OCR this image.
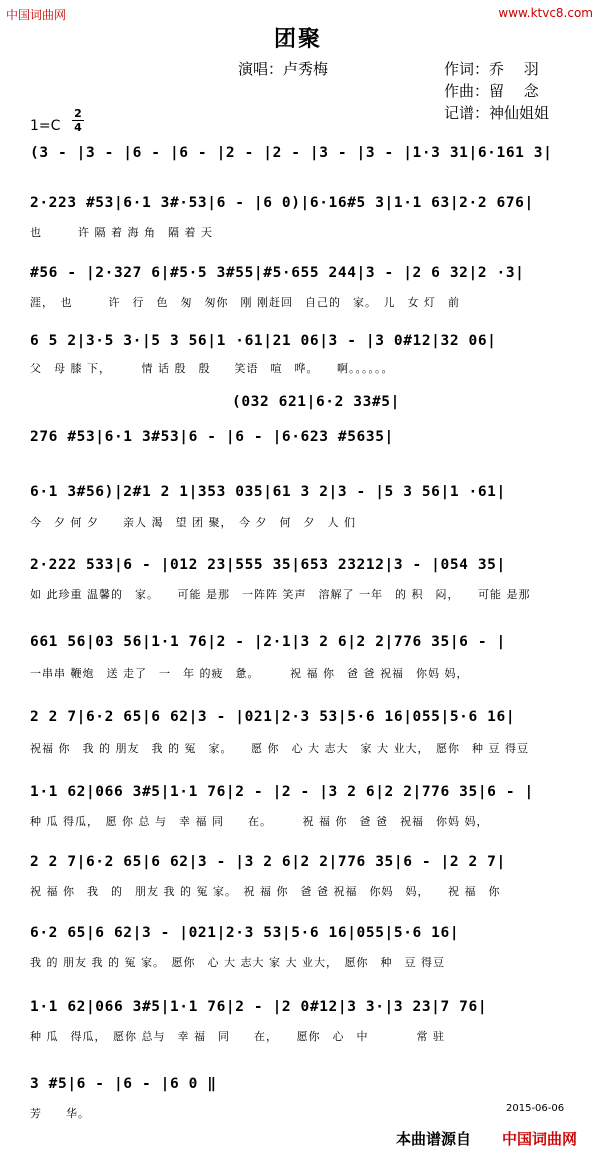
中国词曲网	www.ktvc8.com
团聚
演唱：卢秀梅	作词：乔　 羽
作曲：留　 念
记谱：神仙姐姐
1=C
2
4
(3 - |3 - |6 - |6 - |2 - |2 - |3 - |3 - |1·3 31|6·161 3|
2·223 #53|6·1 3#·53|6 - |6 0)|6·16#5 3|1·1 63|2·2 676|
也　　　许 隔 着 海 角　隔 着 天
#56 - |2·327 6|#5·5 3#55|#5·655 244|3 - |2 6 32|2 ·3|
涯，　也　　　许　行　色　匆　匆你　刚 刚赶回　自己的　家。　儿　女 灯　前
6 5 2|3·5 3·|5 3 56|1 ·61|21 06|3 - |3 0#12|32 06|
父　母 膝 下，　　　情 话 殷　殷　　笑语　喧　哗。　　啊。。。。。。
(032 621|6·2 33#5|
276 #53|6·1 3#53|6 - |6 - |6·623 #5635|
6·1 3#56)|2#1 2 1|353 035|61 3 2|3 - |5 3 56|1 ·61|
今　夕 何 夕　　亲人 渴　望 团 聚，　今 夕　何　夕　人 们
2·222 533|6 - |012 23|555 35|653 23212|3 - |054 35|
如 此珍重 温馨的　家。　　可能 是那　一阵阵 笑声　溶解了 一年　的 积　闷，　　可能 是那
661 56|03 56|1·1 76|2 - |2·1|3 2 6|2 2|776 35|6 - |
一串串 鞭炮　送 走了　一　年 的疲　惫。　　　祝 福 你　爸 爸 祝福　你妈 妈，
2 2 7|6·2 65|6 62|3 - |021|2·3 53|5·6 16|055|5·6 16|
祝福 你　我 的 朋友　我 的 冤　家。　　愿 你　心 大 志大　家 大 业大，　愿你　种 豆 得豆
1·1 62|066 3#5|1·1 76|2 - |2 - |3 2 6|2 2|776 35|6 - |
种 瓜 得瓜，　愿 你 总 与　幸 福 同　　在。　　　祝 福 你　爸 爸　祝福　你妈 妈，
2 2 7|6·2 65|6 62|3 - |3 2 6|2 2|776 35|6 - |2 2 7|
祝 福 你　我　的　朋友 我 的 冤 家。　祝 福 你　爸 爸 祝福　你妈　妈，　　祝 福　你
6·2 65|6 62|3 - |021|2·3 53|5·6 16|055|5·6 16|
我 的 朋友 我 的 冤 家。　愿你　心 大 志大 家 大 业大，　愿你　种　豆 得豆
1·1 62|066 3#5|1·1 76|2 - |2 0#12|3 3·|3 23|7 76|
种 瓜　得瓜，　愿你 总与　幸 福　同　　在，　　愿你　心　中　　　　常 驻
3 #5|6 - |6 - |6 0 ‖
芳　　华。	2015-06-06
本曲谱源自 中国词曲网
